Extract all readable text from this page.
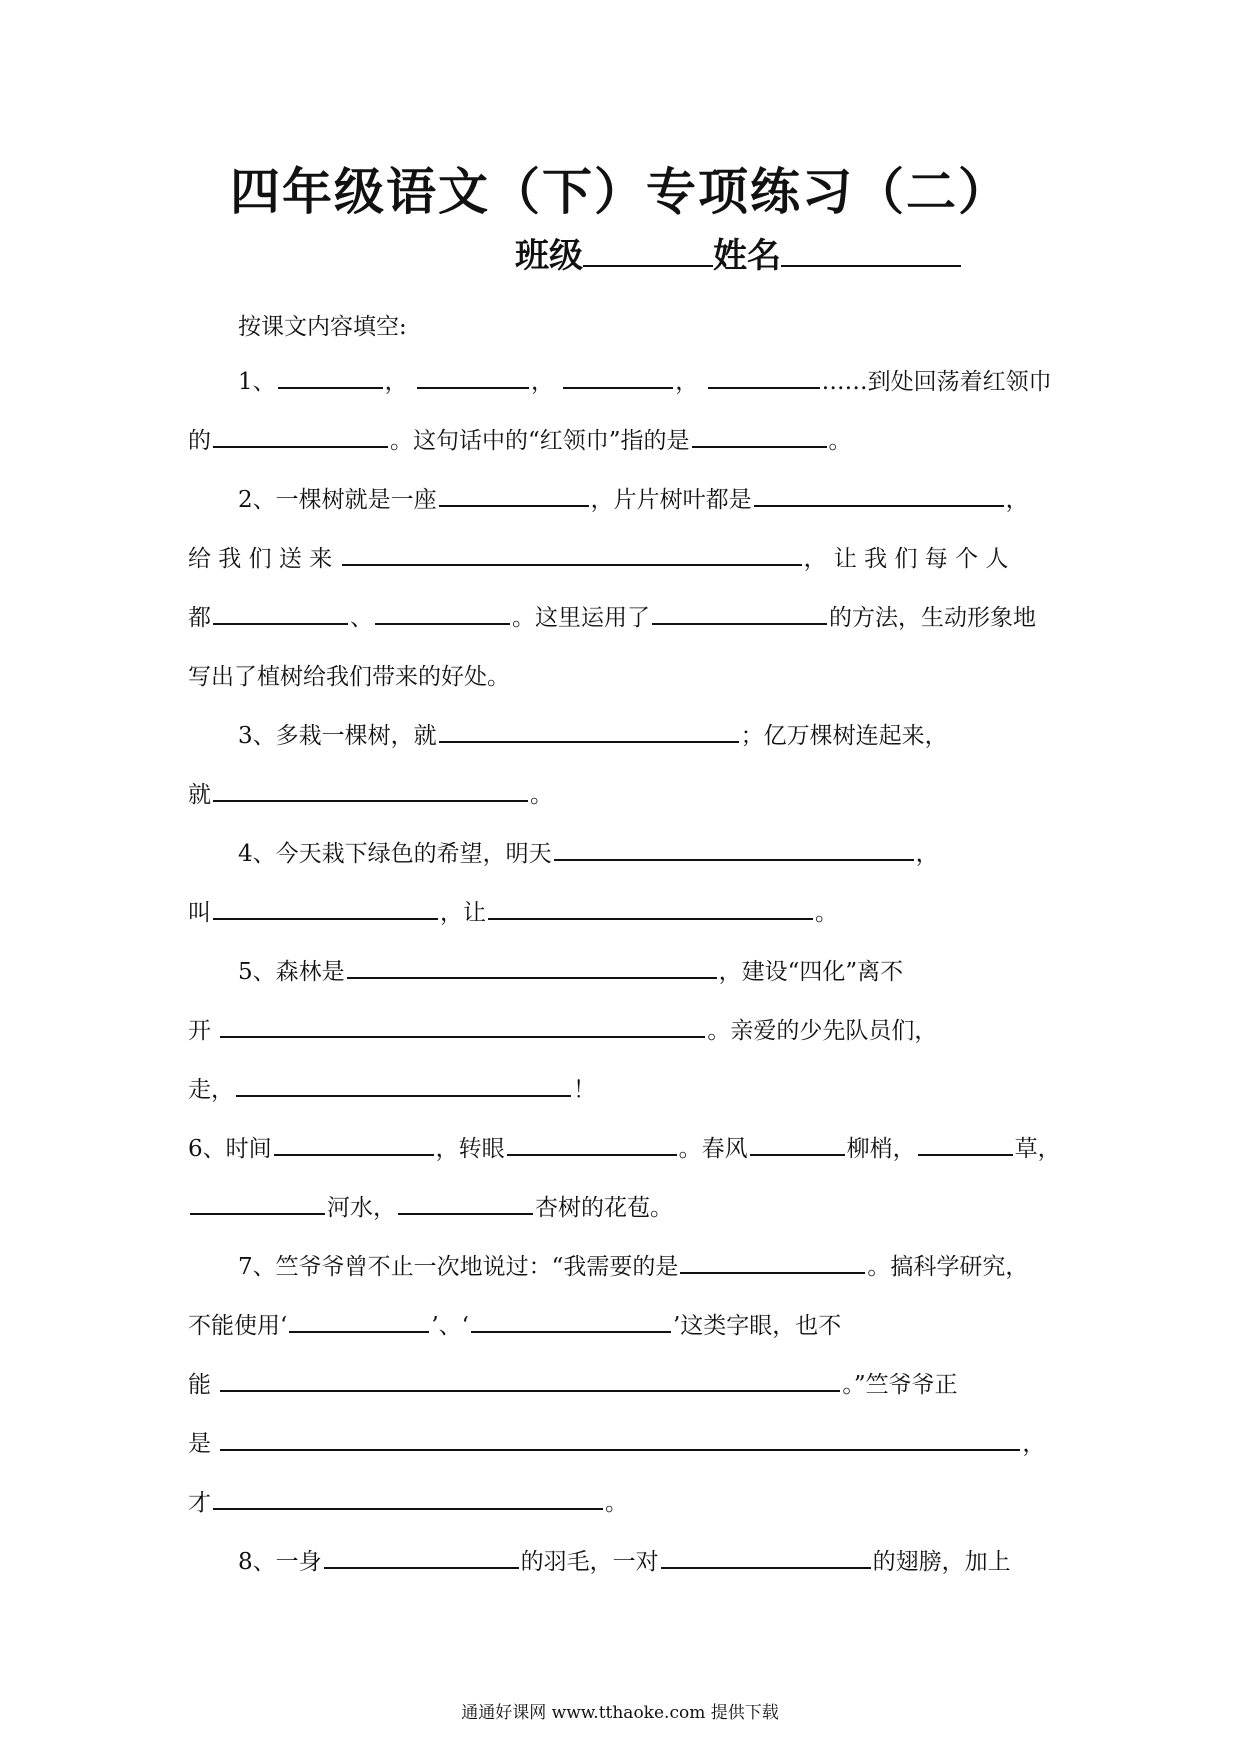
四年级语文（下）专项练习（二）
班级	姓名
按课文内容填空:
1、	，	，	，	……到处回荡着红领巾
的	。这句话中的“红领巾”指的是	。
2、一棵树就是一座	，片片树叶都是	，
给 我 们 送 来	， 让 我 们 每 个 人
都	、	。这里运用了	的方法，生动形象地
写出了植树给我们带来的好处。
3、多栽一棵树，就	；亿万棵树连起来，
就	。
4、今天栽下绿色的希望，明天	，
叫	，让	。
5、森林是	，建设“四化”离不
开	。亲爱的少先队员们，
走，	！
6、时间	，转眼	。春风	柳梢，	草，
河水，	杏树的花苞。
7、竺爷爷曾不止一次地说过：“我需要的是	。搞科学研究，
不能使用‘	’、‘	’这类字眼，也不
能	。”竺爷爷正
是	，
才	。
8、一身	的羽毛，一对	的翅膀，加上
通通好课网 www.tthaoke.com 提供下载
